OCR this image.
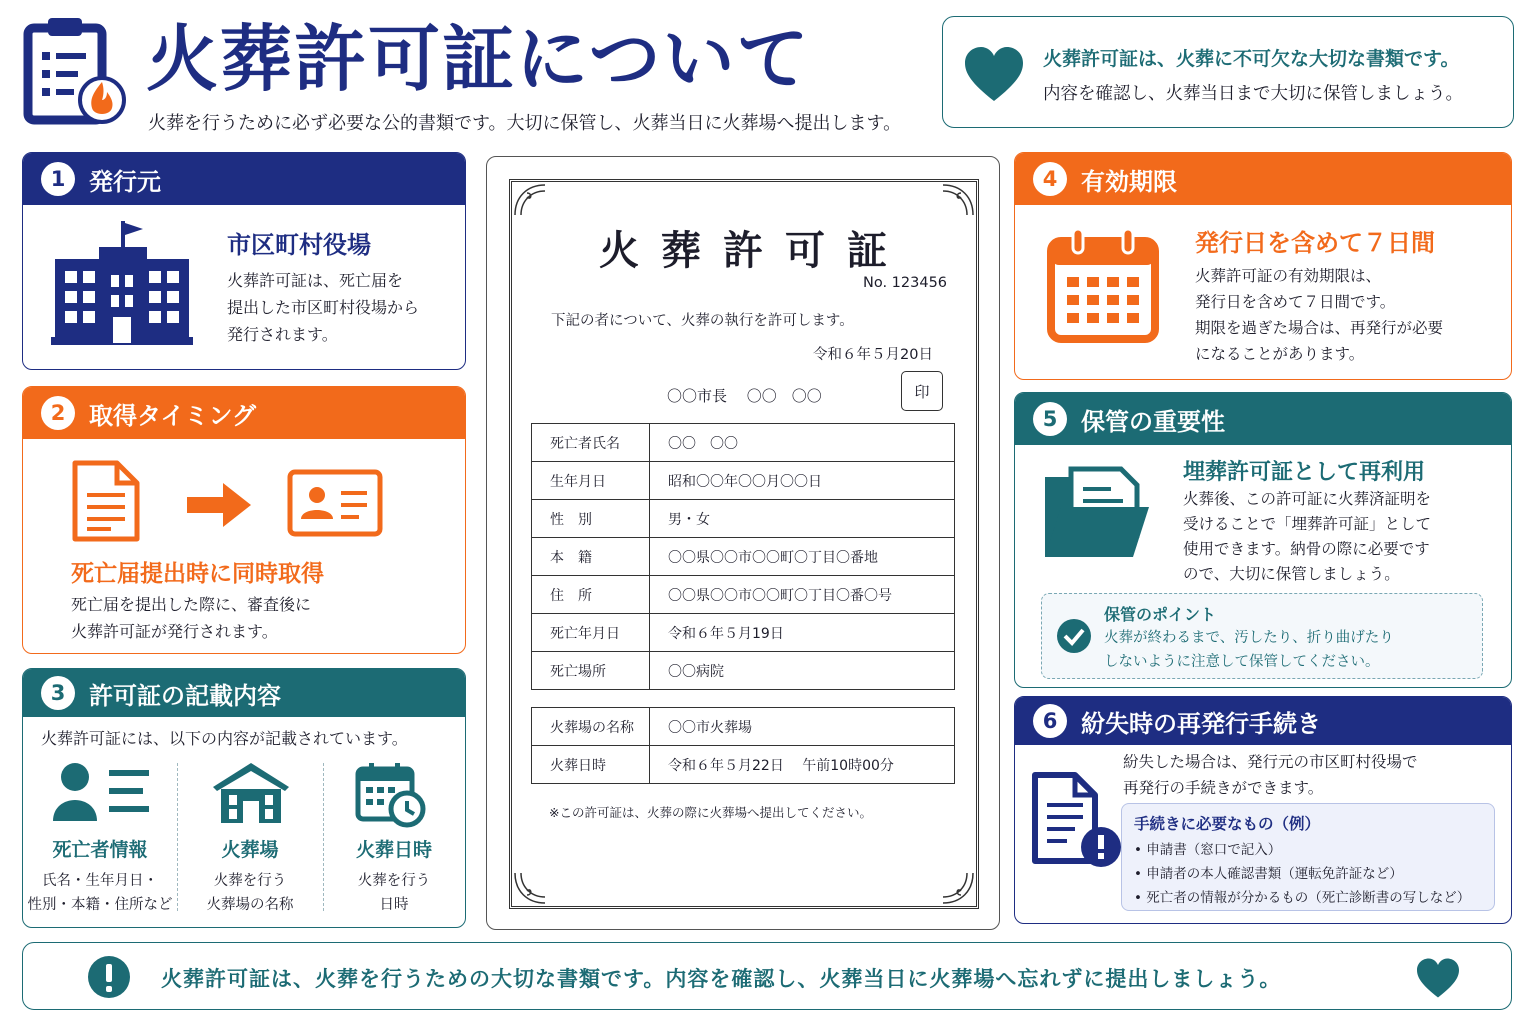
火葬許可証について
火葬を行うために必ず必要な公的書類です。大切に保管し、火葬当日に火葬場へ提出します。
火葬許可証は、火葬に不可欠な大切な書類です。
内容を確認し、火葬当日まで大切に保管しましょう。
1 発行元
市区町村役場
火葬許可証は、死亡届を
提出した市区町村役場から
発行されます。
2 取得タイミング
死亡届提出時に同時取得
死亡届を提出した際に、審査後に
火葬許可証が発行されます。
3 許可証の記載内容
火葬許可証には、以下の内容が記載されています。
死亡者情報
氏名・生年月日・
性別・本籍・住所など
火葬場
火葬を行う
火葬場の名称
火葬日時
火葬を行う
日時
火葬許可証
No. 123456
下記の者について、火葬の執行を許可します。
令和６年５月20日
〇〇市長　 〇〇　〇〇	印
死亡者氏名	〇〇　〇〇
生年月日	昭和〇〇年〇〇月〇〇日
性　別	男・女
本　籍	〇〇県〇〇市〇〇町〇丁目〇番地
住　所	〇〇県〇〇市〇〇町〇丁目〇番〇号
死亡年月日	令和６年５月19日
死亡場所	〇〇病院
火葬場の名称	〇〇市火葬場
火葬日時	令和６年５月22日　 午前10時00分
※この許可証は、火葬の際に火葬場へ提出してください。
4 有効期限
発行日を含めて７日間
火葬許可証の有効期限は、
発行日を含めて７日間です。
期限を過ぎた場合は、再発行が必要
になることがあります。
5 保管の重要性
埋葬許可証として再利用
火葬後、この許可証に火葬済証明を
受けることで「埋葬許可証」として
使用できます。納骨の際に必要です
ので、大切に保管しましょう。
保管のポイント
火葬が終わるまで、汚したり、折り曲げたり
しないように注意して保管してください。
6 紛失時の再発行手続き
紛失した場合は、発行元の市区町村役場で
再発行の手続きができます。
手続きに必要なもの（例）
• 申請書（窓口で記入）
• 申請者の本人確認書類（運転免許証など）
• 死亡者の情報が分かるもの（死亡診断書の写しなど）
火葬許可証は、火葬を行うための大切な書類です。内容を確認し、火葬当日に火葬場へ忘れずに提出しましょう。
